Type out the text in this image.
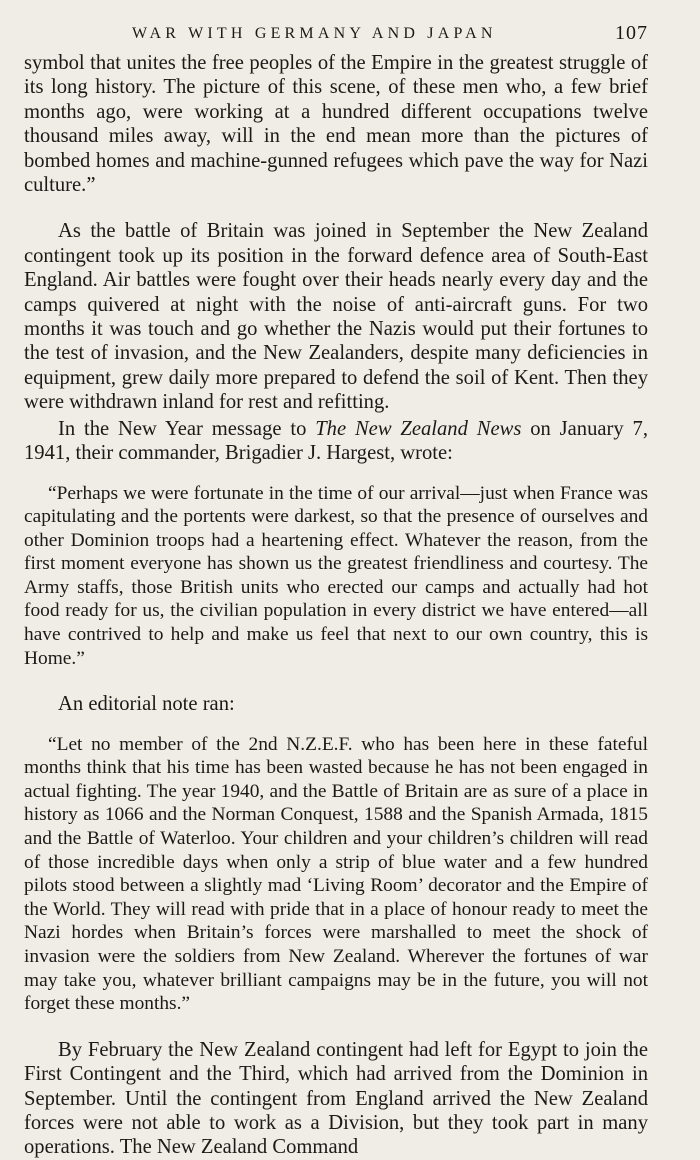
WAR WITH GERMANY AND JAPAN	107

symbol that unites the free peoples of the Empire in the greatest struggle of its long history. The picture of this scene, of these men who, a few brief months ago, were working at a hundred different occupations twelve thousand miles away, will in the end mean more than the pictures of bombed homes and machine-gunned refugees which pave the way for Nazi culture.”

As the battle of Britain was joined in September the New Zealand contingent took up its position in the forward defence area of South-East England. Air battles were fought over their heads nearly every day and the camps quivered at night with the noise of anti-aircraft guns. For two months it was touch and go whether the Nazis would put their fortunes to the test of invasion, and the New Zealanders, despite many deficiencies in equipment, grew daily more prepared to defend the soil of Kent. Then they were withdrawn inland for rest and refitting.

In the New Year message to The New Zealand News on January 7, 1941, their commander, Brigadier J. Hargest, wrote:

“Perhaps we were fortunate in the time of our arrival—just when France was capitulating and the portents were darkest, so that the presence of ourselves and other Dominion troops had a heartening effect. Whatever the reason, from the first moment everyone has shown us the greatest friendliness and courtesy. The Army staffs, those British units who erected our camps and actually had hot food ready for us, the civilian population in every district we have entered—all have contrived to help and make us feel that next to our own country, this is Home.”

An editorial note ran:

“Let no member of the 2nd N.Z.E.F. who has been here in these fateful months think that his time has been wasted because he has not been engaged in actual fighting. The year 1940, and the Battle of Britain are as sure of a place in history as 1066 and the Norman Conquest, 1588 and the Spanish Armada, 1815 and the Battle of Waterloo. Your children and your children’s children will read of those incredible days when only a strip of blue water and a few hundred pilots stood between a slightly mad ‘Living Room’ decorator and the Empire of the World. They will read with pride that in a place of honour ready to meet the Nazi hordes when Britain’s forces were marshalled to meet the shock of invasion were the soldiers from New Zealand. Wherever the fortunes of war may take you, whatever brilliant campaigns may be in the future, you will not forget these months.”

By February the New Zealand contingent had left for Egypt to join the First Contingent and the Third, which had arrived from the Dominion in September. Until the contingent from England arrived the New Zealand forces were not able to work as a Division, but they took part in many operations. The New Zealand Command
